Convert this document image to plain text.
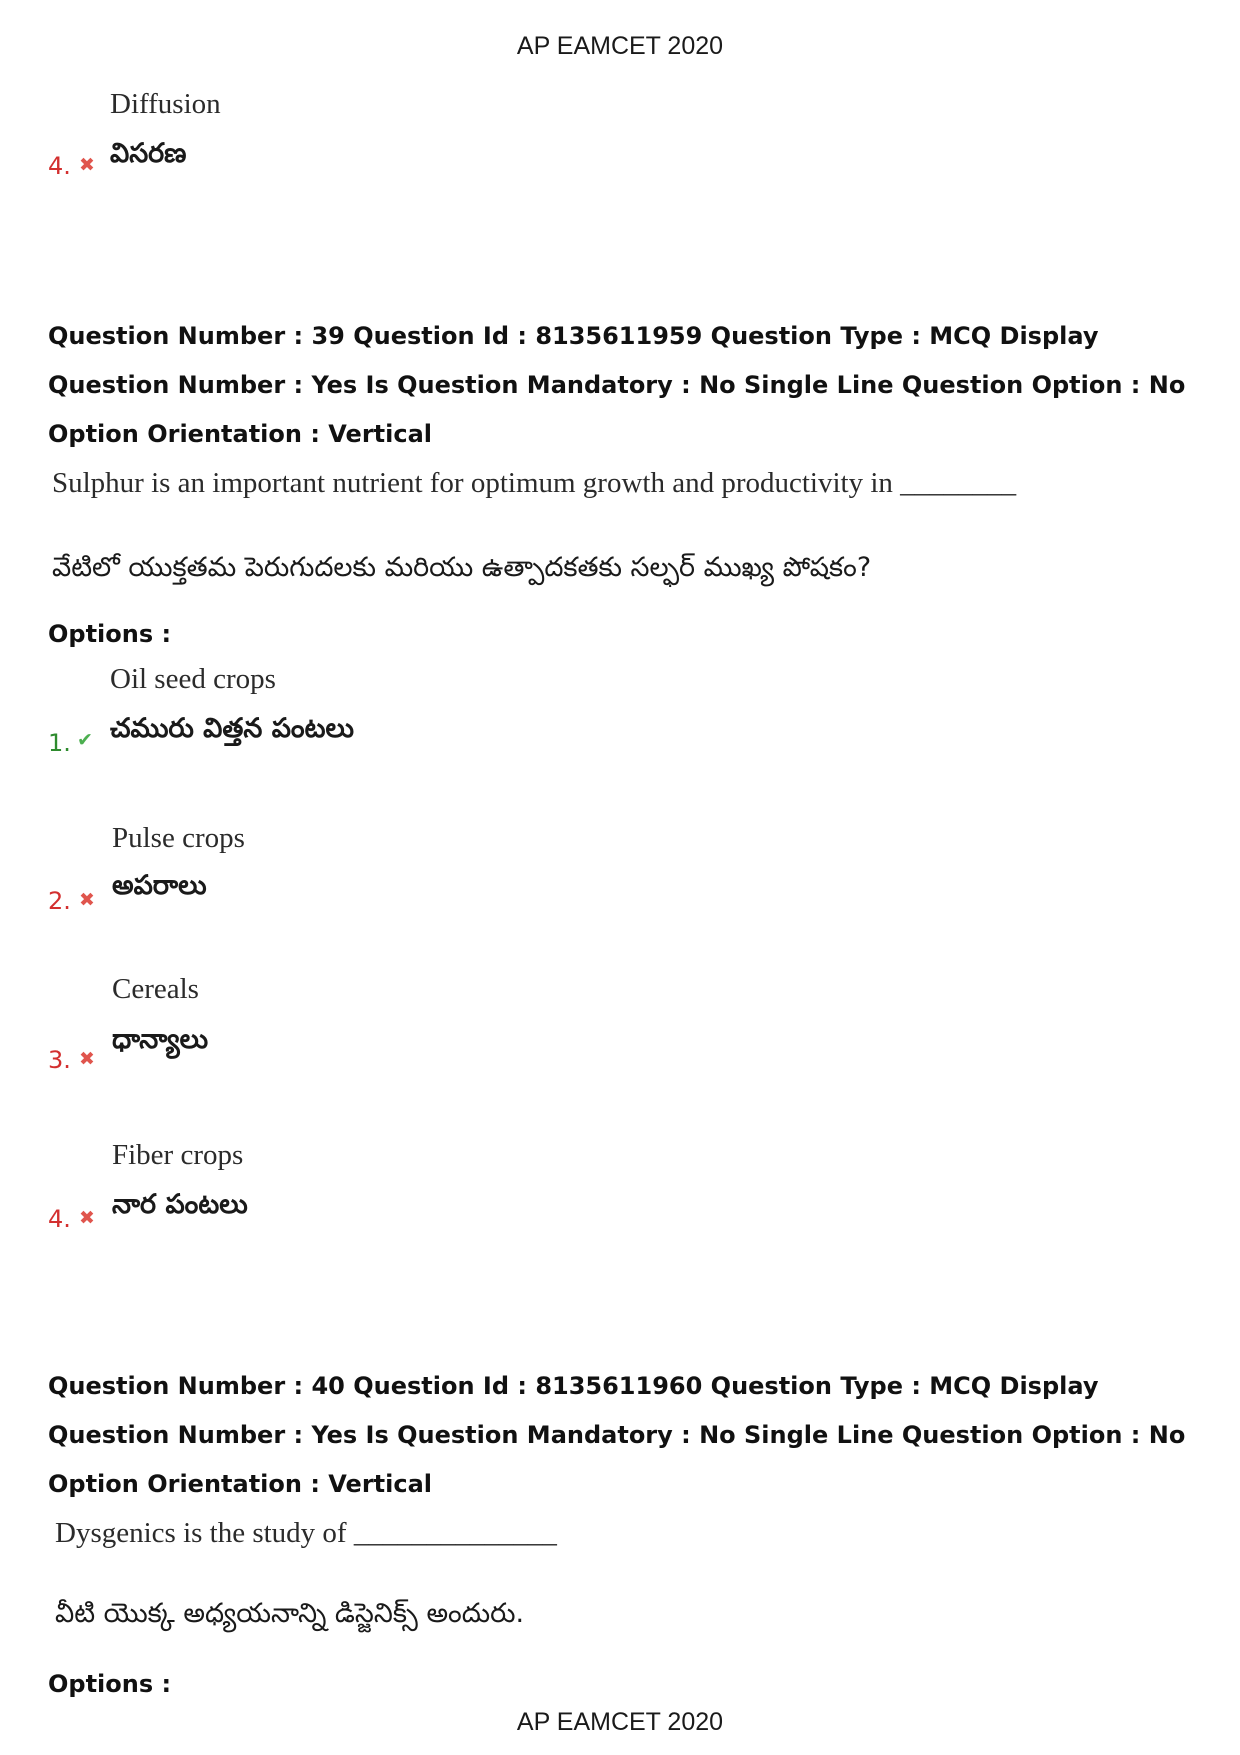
AP EAMCET 2020
Diffusion
4. ✖ విసరణ
Question Number : 39 Question Id : 8135611959 Question Type : MCQ Display Question Number : Yes Is Question Mandatory : No Single Line Question Option : No Option Orientation : Vertical
Sulphur is an important nutrient for optimum growth and productivity in ________
వేటిలో యుక్తతమ పెరుగుదలకు మరియు ఉత్పాదకతకు సల్ఫర్ ముఖ్య పోషకం?
Options :
Oil seed crops
1. ✔ చమురు విత్తన పంటలు
Pulse crops
2. ✖ అపరాలు
Cereals
3. ✖
ధాన్యాలు
Fiber crops
4. ✖ నార పంటలు
Question Number : 40 Question Id : 8135611960 Question Type : MCQ Display Question Number : Yes Is Question Mandatory : No Single Line Question Option : No Option Orientation : Vertical
Dysgenics is the study of ______________
వీటి యొక్క అధ్యయనాన్ని డిస్జెనిక్స్ అందురు.
Options :
AP EAMCET 2020
